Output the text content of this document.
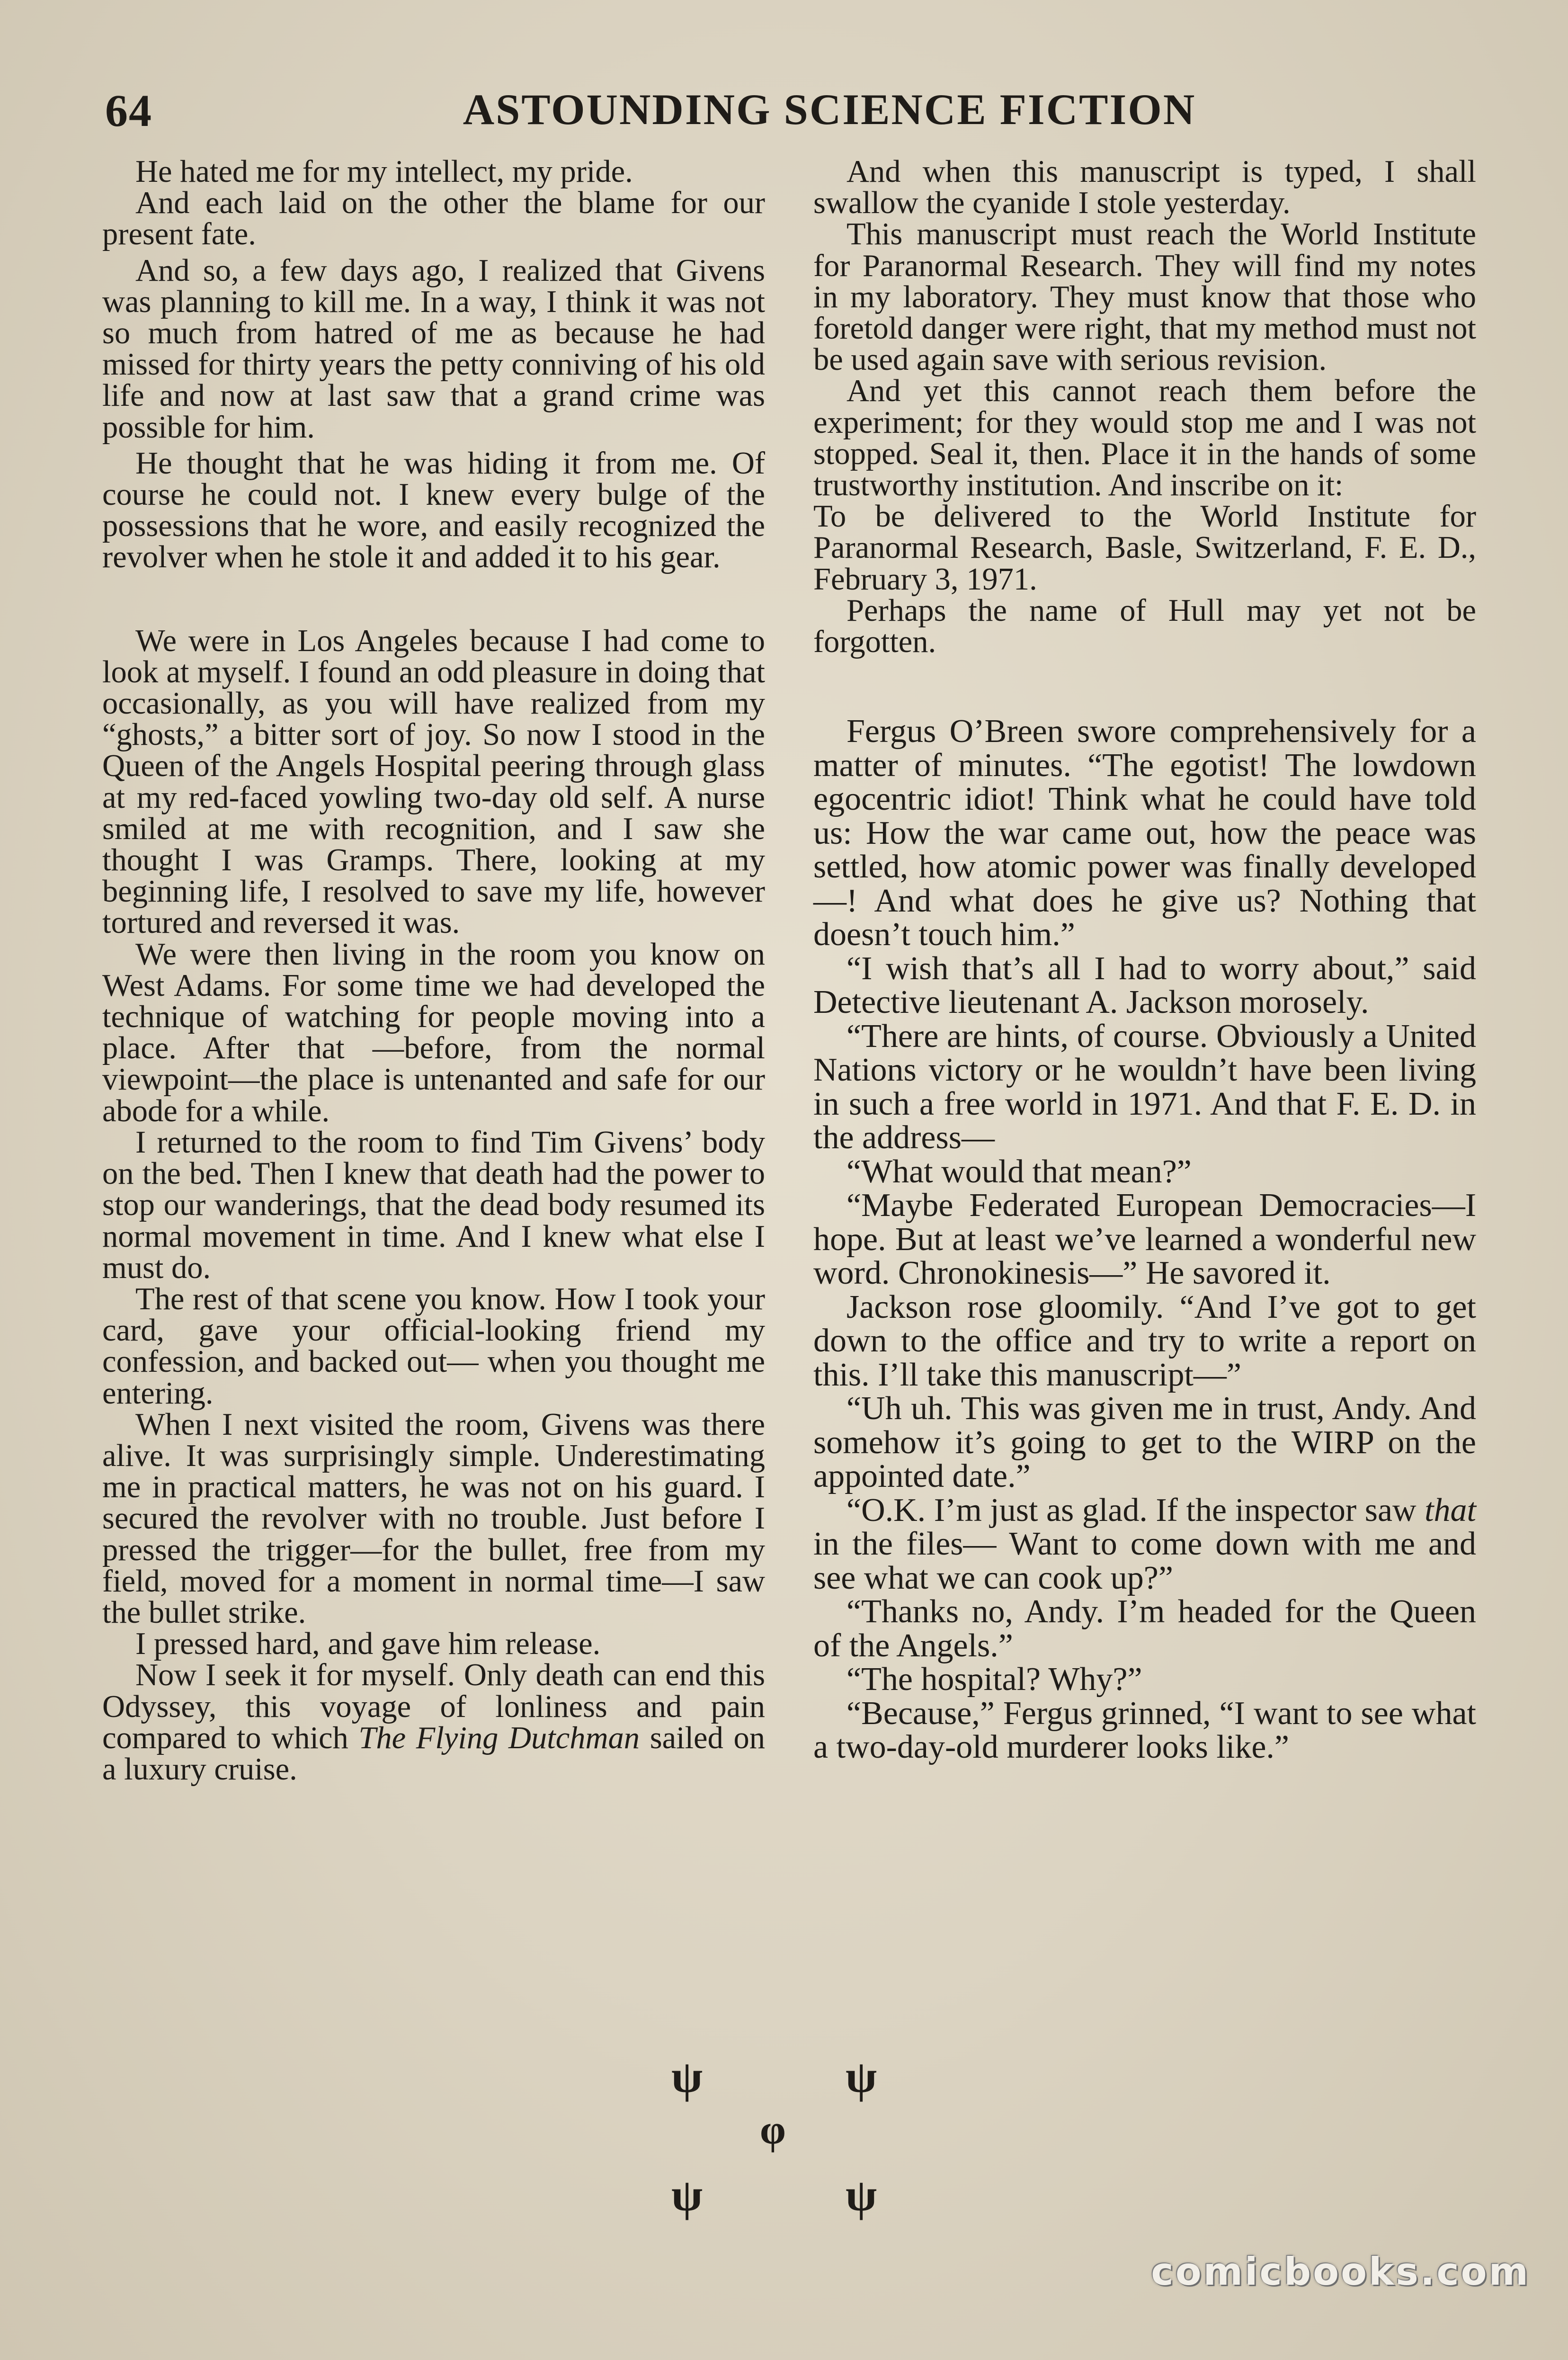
64	ASTOUNDING SCIENCE FICTION

He hated me for my intellect, my pride.

And each laid on the other the blame for our present fate.

And so, a few days ago, I realized that Givens was planning to kill me. In a way, I think it was not so much from hatred of me as because he had missed for thirty years the petty conniving of his old life and now at last saw that a grand crime was possible for him.

He thought that he was hiding it from me. Of course he could not. I knew every bulge of the possessions that he wore, and easily recognized the revolver when he stole it and added it to his gear.

We were in Los Angeles because I had come to look at myself. I found an odd pleasure in doing that occasionally, as you will have realized from my “ghosts,” a bitter sort of joy. So now I stood in the Queen of the Angels Hospital peering through glass at my red-faced yowling two-day old self. A nurse smiled at me with recognition, and I saw she thought I was Gramps. There, looking at my beginning life, I resolved to save my life, however tortured and reversed it was.

We were then living in the room you know on West Adams. For some time we had developed the technique of watching for people moving into a place. After that —before, from the normal viewpoint—the place is untenanted and safe for our abode for a while.

I returned to the room to find Tim Givens’ body on the bed. Then I knew that death had the power to stop our wanderings, that the dead body resumed its normal movement in time. And I knew what else I must do.

The rest of that scene you know. How I took your card, gave your official-looking friend my confession, and backed out— when you thought me entering.

When I next visited the room, Givens was there alive. It was surprisingly simple. Underestimating me in practical matters, he was not on his guard. I secured the revolver with no trouble. Just before I pressed the trigger—for the bullet, free from my field, moved for a moment in normal time—I saw the bullet strike.

I pressed hard, and gave him release.

Now I seek it for myself. Only death can end this Odyssey, this voyage of lonliness and pain compared to which The Flying Dutchman sailed on a luxury cruise.

And when this manuscript is typed, I shall swallow the cyanide I stole yesterday.

This manuscript must reach the World Institute for Paranormal Research. They will find my notes in my laboratory. They must know that those who foretold danger were right, that my method must not be used again save with serious revision.

And yet this cannot reach them before the experiment; for they would stop me and I was not stopped. Seal it, then. Place it in the hands of some trustworthy institution. And inscribe on it:

To be delivered to the World Institute for Paranormal Research, Basle, Switzerland, F. E. D., February 3, 1971.

Perhaps the name of Hull may yet not be forgotten.

Fergus O’Breen swore comprehensively for a matter of minutes. “The egotist! The lowdown egocentric idiot! Think what he could have told us: How the war came out, how the peace was settled, how atomic power was finally developed—! And what does he give us? Nothing that doesn’t touch him.”

“I wish that’s all I had to worry about,” said Detective lieutenant A. Jackson morosely.

“There are hints, of course. Obviously a United Nations victory or he wouldn’t have been living in such a free world in 1971. And that F. E. D. in the address—

“What would that mean?”

“Maybe Federated European Democracies—I hope. But at least we’ve learned a wonderful new word. Chronokinesis—” He savored it.

Jackson rose gloomily. “And I’ve got to get down to the office and try to write a report on this. I’ll take this manuscript—”

“Uh uh. This was given me in trust, Andy. And somehow it’s going to get to the WIRP on the appointed date.”

“O.K. I’m just as glad. If the inspector saw that in the files— Want to come down with me and see what we can cook up?”

“Thanks no, Andy. I’m headed for the Queen of the Angels.”

“The hospital? Why?”

“Because,” Fergus grinned, “I want to see what a two-day-old murderer looks like.”

ψ	ψ
φ
ψ	ψ
comicbooks.com
